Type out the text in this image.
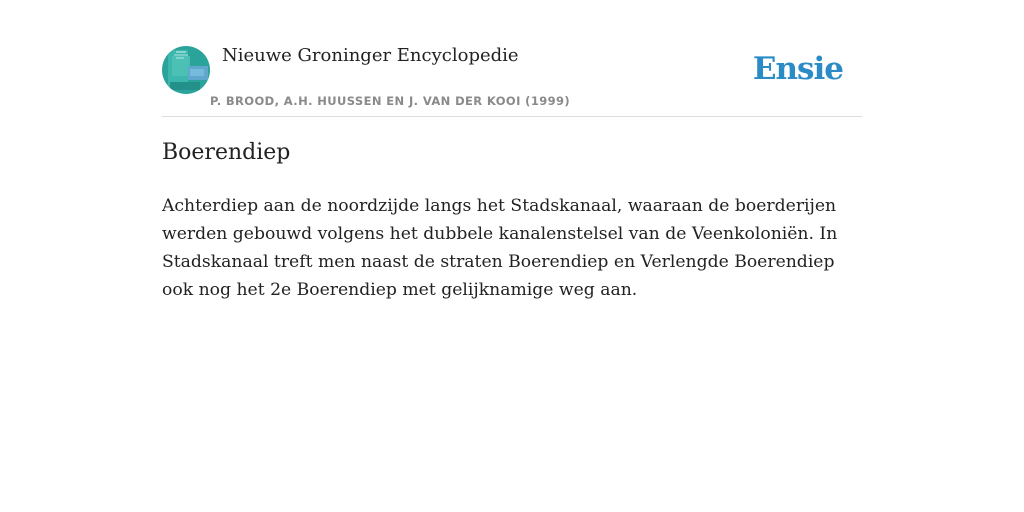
Nieuwe Groninger Encyclopedie
P. BROOD, A.H. HUUSSEN EN J. VAN DER KOOI (1999)
Ensie
Boerendiep

Achterdiep aan de noordzijde langs het Stadskanaal, waaraan de boerderijen werden gebouwd volgens het dubbele kanalenstelsel van de Veenkoloniën. In Stadskanaal treft men naast de straten Boerendiep en Verlengde Boerendiep ook nog het 2e Boerendiep met gelijknamige weg aan.
